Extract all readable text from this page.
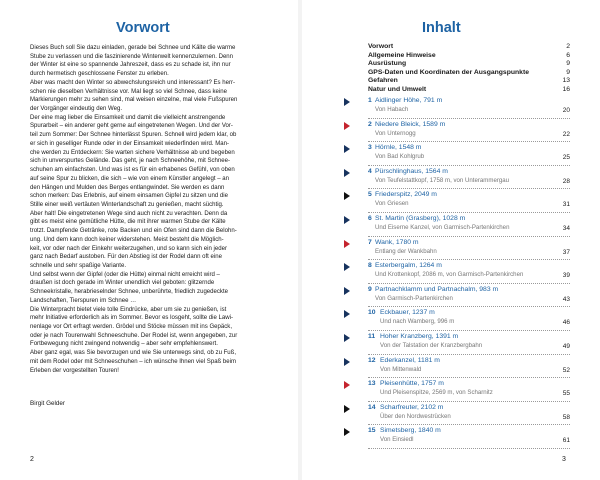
Vorwort

Dieses Buch soll Sie dazu einladen, gerade bei Schnee und Kälte die warme
Stube zu verlassen und die faszinierende Winterwelt kennenzulernen. Denn
der Winter ist eine so spannende Jahreszeit, dass es zu schade ist, ihn nur
durch hermetisch geschlossene Fenster zu erleben.
Aber was macht den Winter so abwechslungsreich und interessant? Es herr-
schen nie dieselben Verhältnisse vor. Mal liegt so viel Schnee, dass keine
Markierungen mehr zu sehen sind, mal weisen einzelne, mal viele Fußspuren
der Vorgänger eindeutig den Weg.
Der eine mag lieber die Einsamkeit und damit die vielleicht anstrengende
Spurarbeit – ein anderer geht gerne auf eingetretenen Wegen. Und der Vor-
teil zum Sommer: Der Schnee hinterlässt Spuren. Schnell wird jedem klar, ob
er sich in geselliger Runde oder in der Einsamkeit wiederfinden wird. Man-
che werden zu Entdeckern: Sie warten sichere Verhältnisse ab und begeben
sich in unverspurtes Gelände. Das geht, je nach Schneehöhe, mit Schnee-
schuhen am einfachsten. Und was ist es für ein erhabenes Gefühl, von oben
auf seine Spur zu blicken, die sich – wie von einem Künstler angelegt – an
den Hängen und Mulden des Berges entlangwindet. Sie werden es dann
schon merken: Das Erlebnis, auf einem einsamen Gipfel zu sitzen und die
Stille einer weiß vertäuten Winterlandschaft zu genießen, macht süchtig.
Aber halt! Die eingetretenen Wege sind auch nicht zu verachten. Denn da
gibt es meist eine gemütliche Hütte, die mit ihrer warmen Stube der Kälte
trotzt. Dampfende Getränke, rote Backen und ein Ofen sind dann die Belohn-
ung. Und dem kann doch keiner widerstehen. Meist besteht die Möglich-
keit, vor oder nach der Einkehr weiterzugehen, und so kann sich ein jeder
ganz nach Bedarf austoben. Für den Abstieg ist der Rodel dann oft eine
schnelle und sehr spaßige Variante.
Und selbst wenn der Gipfel (oder die Hütte) einmal nicht erreicht wird –
draußen ist doch gerade im Winter unendlich viel geboten: glitzernde
Schneekristalle, herabrieselnder Schnee, unberührte, friedlich zugedeckte
Landschaften, Tierspuren im Schnee …
Die Winterpracht bietet viele tolle Eindrücke, aber um sie zu genießen, ist
mehr Initiative erforderlich als im Sommer. Bevor es losgeht, sollte die Lawi-
nenlage vor Ort erfragt werden. Grödel und Stöcke müssen mit ins Gepäck,
oder je nach Tourenwahl Schneeschuhe. Der Rodel ist, wenn angegeben, zur
Fortbewegung nicht zwingend notwendig – aber sehr empfehlenswert.
Aber ganz egal, was Sie bevorzugen und wie Sie unterwegs sind, ob zu Fuß,
mit dem Rodel oder mit Schneeschuhen – ich wünsche Ihnen viel Spaß beim
Erleben der vorgestellten Touren!

Birgit Gelder
2
Inhalt
Vorwort	2
Allgemeine Hinweise	6
Ausrüstung	9
GPS-Daten und Koordinaten der Ausgangspunkte	9
Gefahren	13
Natur und Umwelt	16
1 Aidlinger Höhe, 791 m
Von Habach	20
2 Niedere Bleick, 1589 m
Von Unternogg	22
3 Hörnle, 1548 m
Von Bad Kohlgrub	25
4 Pürschlinghaus, 1564 m
Von Teufelstattkopf, 1758 m, von Unterammergau	28
5 Friederspitz, 2049 m
Von Griesen	31
6 St. Martin (Grasberg), 1028 m
Und Eiserne Kanzel, von Garmisch-Partenkirchen	34
7 Wank, 1780 m
Entlang der Wankbahn	37
8 Esterbergalm, 1264 m
Und Krottenkopf, 2086 m, von Garmisch-Partenkirchen	39
9 Partnachklamm und Partnachalm, 983 m
Von Garmisch-Partenkirchen	43
10 Eckbauer, 1237 m
Und nach Wamberg, 996 m	46
11 Hoher Kranzberg, 1391 m
Von der Talstation der Kranzbergbahn	49
12 Ederkanzel, 1181 m
Von Mittenwald	52
13 Pleisenhütte, 1757 m
Und Pleisenspitze, 2569 m, von Scharnitz	55
14 Scharfreuter, 2102 m
Über den Nordwestrücken	58
15 Simetsberg, 1840 m
Von Einsiedl	61
3
